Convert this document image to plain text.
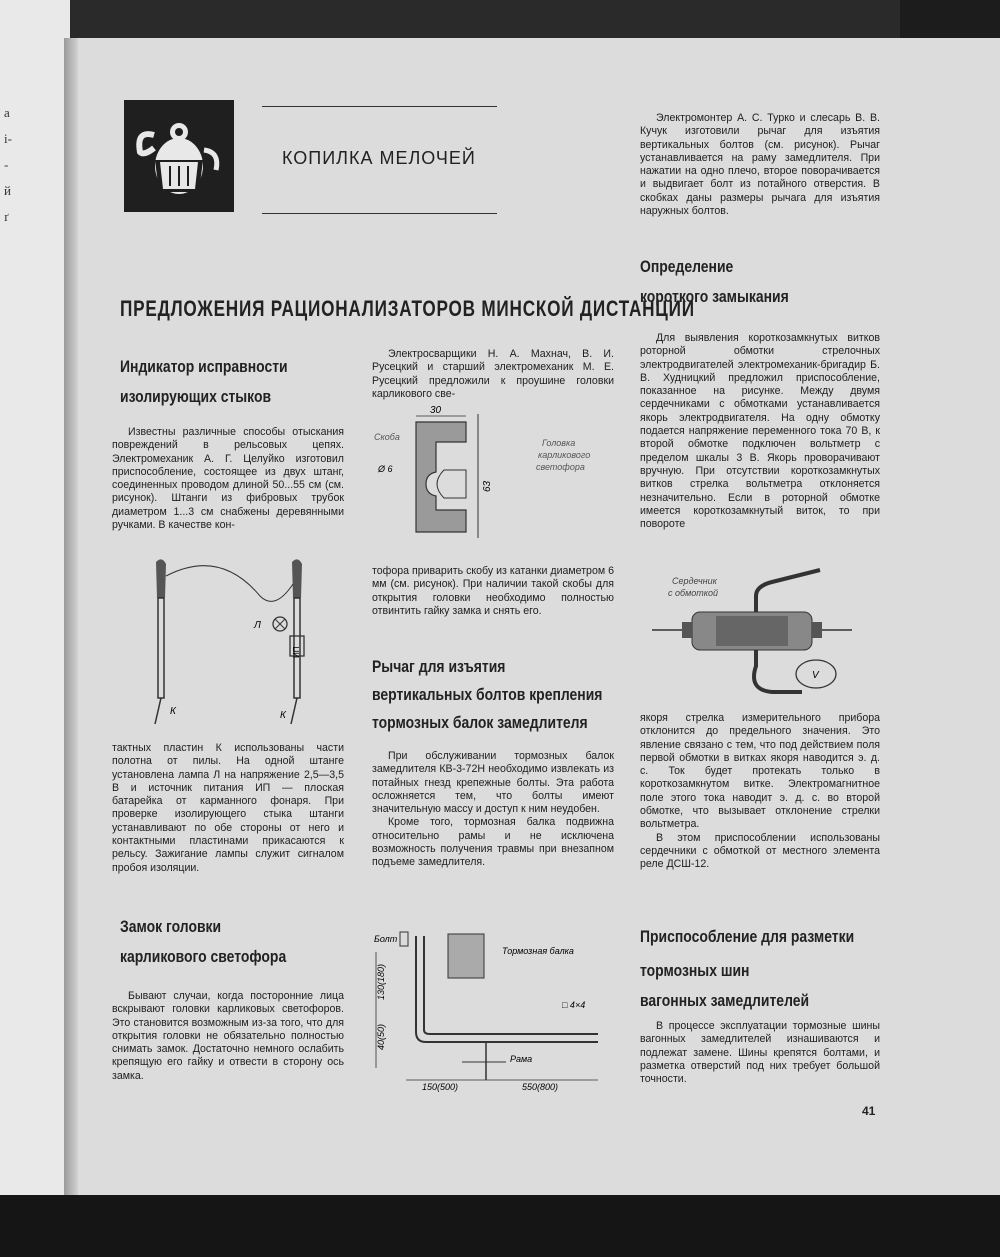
а
і-
-
й
ґ
КОПИЛКА МЕЛОЧЕЙ
ПРЕДЛОЖЕНИЯ РАЦИОНАЛИЗАТОРОВ МИНСКОЙ ДИСТАНЦИИ
Индикатор исправности
изолирующих стыков

Известны различные способы отыскания повреждений в рельсовых цепях. Электромеханик А. Г. Целуйко изготовил приспособление, состоящее из двух штанг, соединенных проводом длиной 50...55 см (см. рисунок). Штанги из фибровых трубок диаметром 1...3 см снабжены деревянными ручками. В качестве кон-

Л
ИП
К	К

тактных пластин К использованы части полотна от пилы. На одной штанге установлена лампа Л на напряжение 2,5—3,5 В и источник питания ИП — плоская батарейка от карманного фонаря. При проверке изолирующего стыка штанги устанавливают по обе стороны от него и контактными пластинами прикасаются к рельсу. Зажигание лампы служит сигналом пробоя изоляции.

Замок головки
карликового светофора

Бывают случаи, когда посторонние лица вскрывают головки карликовых светофоров. Это становится возможным из-за того, что для открытия головки не обязательно полностью снимать замок. Достаточно немного ослабить крепящую его гайку и отвести в сторону ось замка.

Электросварщики Н. А. Махнач, В. И. Русецкий и старший электромеханик М. Е. Русецкий предложили к проушине головки карликового све-

30
Скоба
Ø 6
63
Головка
карликового
светофора

тофора приварить скобу из катанки диаметром 6 мм (см. рисунок). При наличии такой скобы для открытия головки необходимо полностью отвинтить гайку замка и снять его.

Рычаг для изъятия
вертикальных болтов крепления
тормозных балок замедлителя

При обслуживании тормозных балок замедлителя КВ-3-72Н необходимо извлекать из потайных гнезд крепежные болты. Эта работа осложняется тем, что болты имеют значительную массу и доступ к ним неудобен.

Кроме того, тормозная балка подвижна относительно рамы и не исключена возможность получения травмы при внезапном подъеме замедлителя.

Болт
Тормозная балка
Рама
□ 4×4
130(180)
40(50)
150(500)	550(800)

Электромонтер А. С. Турко и слесарь В. В. Кучук изготовили рычаг для изъятия вертикальных болтов (см. рисунок). Рычаг устанавливается на раму замедлителя. При нажатии на одно плечо, второе поворачивается и выдвигает болт из потайного отверстия. В скобках даны размеры рычага для изъятия наружных болтов.

Определение
короткого замыкания

Для выявления короткозамкнутых витков роторной обмотки стрелочных электродвигателей электромеханик-бригадир Б. В. Худницкий предложил приспособление, показанное на рисунке. Между двумя сердечниками с обмотками устанавливается якорь электродвигателя. На одну обмотку подается напряжение переменного тока 70 В, к второй обмотке подключен вольтметр с пределом шкалы 3 В. Якорь проворачивают вручную. При отсутствии короткозамкнутых витков стрелка вольтметра отклоняется незначительно. Если в роторной обмотке имеется короткозамкнутый виток, то при повороте

V
Сердечник
с обмоткой

якоря стрелка измерительного прибора отклонится до предельного значения. Это явление связано с тем, что под действием поля первой обмотки в витках якоря наводится э. д. с. Ток будет протекать только в короткозамкнутом витке. Электромагнитное поле этого тока наводит э. д. с. во второй обмотке, что вызывает отклонение стрелки вольтметра.

В этом приспособлении использованы сердечники с обмоткой от местного элемента реле ДСШ-12.

Приспособление для разметки
тормозных шин
вагонных замедлителей

В процессе эксплуатации тормозные шины вагонных замедлителей изнашиваются и подлежат замене. Шины крепятся болтами, и разметка отверстий под них требует большой точности.

41
